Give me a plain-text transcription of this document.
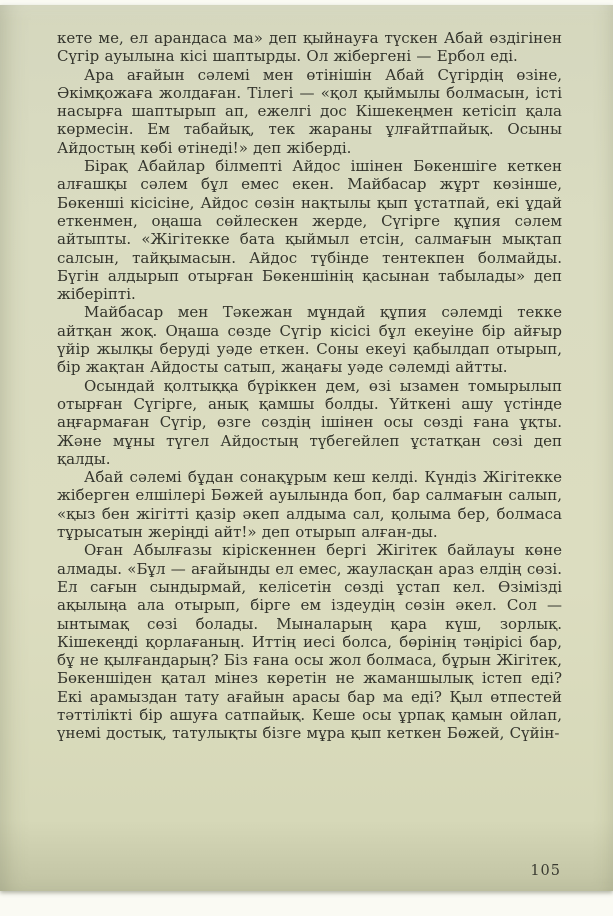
кете ме, ел арандаса ма» деп қыйнауға түскен Абай өздігінен Сүгір ауылына кісі шаптырды. Ол жібергені — Ербол еді.

Ара ағайын сәлемі мен өтінішін Абай Сүгірдің өзіне, Әкімқожаға жолдаған. Тілегі — «қол қыймылы болмасын, істі насырға шаптырып ап, ежелгі дос Кішекеңмен кетісіп қала көрмесін. Ем табайық, тек жараны ұлғайтпайық. Осыны Айдостың көбі өтінеді!» деп жіберді.

Бірақ Абайлар білмепті Айдос ішінен Бөкеншіге кеткен алғашқы сәлем бұл емес екен. Майбасар жұрт көзінше, Бөкенші кісісіне, Айдос сөзін нақтылы қып ұстатпай, екі ұдай еткенмен, оңаша сөйлескен жерде, Сүгірге құпия сәлем айтыпты. «Жігітекке бата қыймыл етсін, салмағын мықтап салсын, тайқымасын. Айдос түбінде тентекпен болмайды. Бүгін алдырып отырған Бөкеншінің қасынан табылады» деп жіберіпті.

Майбасар мен Тәкежан мұндай құпия сәлемді текке айтқан жоқ. Оңаша сөзде Сүгір кісісі бұл екеуіне бір айғыр үйір жылқы беруді уәде еткен. Соны екеуі қабылдап отырып, бір жақтан Айдосты сатып, жаңағы уәде сәлемді айтты.

Осындай қолтыққа бүріккен дем, өзі ызамен томырылып отырған Сүгірге, анық қамшы болды. Үйткені ашу үстінде аңғармаған Сүгір, өзге сөздің ішінен осы сөзді ғана ұқты. Және мұны түгел Айдостың түбегейлеп ұстатқан сөзі деп қалды.

Абай сәлемі бұдан сонақұрым кеш келді. Күндіз Жігітекке жіберген елшілері Бөжей ауылында боп, бар салмағын салып, «қыз бен жігітті қазір әкеп алдыма сал, қолыма бер, болмаса тұрысатын жеріңді айт!» деп отырып алған-ды.

Оған Абылғазы кіріскеннен бергі Жігітек байлауы көне алмады. «Бұл — ағайынды ел емес, жауласқан араз елдің сөзі. Ел сағын сындырмай, келісетін сөзді ұстап кел. Өзімізді ақылыңа ала отырып, бірге ем іздеудің сөзін әкел. Сол — ынтымақ сөзі болады. Мыналарың қара күш, зорлық. Кішекеңді қорлағаның. Иттің иесі болса, бөрінің тәңірісі бар, бұ не қылғандарың? Біз ғана осы жол болмаса, бұрын Жігітек, Бөкеншіден қатал мінез көретін не жаманшылық істеп еді? Екі арамыздан тату ағайын арасы бар ма еді? Қыл өтпестей тәттілікті бір ашуға сатпайық. Кеше осы ұрпақ қамын ойлап, үнемі достық, татулықты бізге мұра қып кеткен Бөжей, Сүйін-

105
